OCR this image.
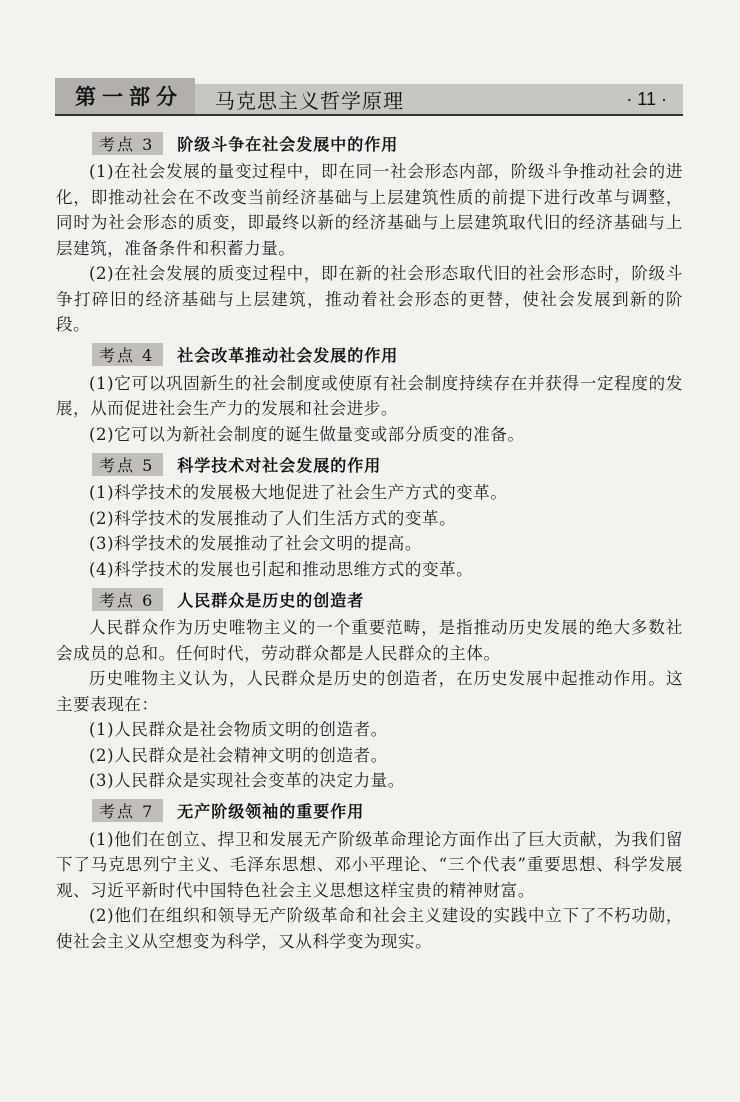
第一部分	马克思主义哲学原理	· 11 ·
考点 3	阶级斗争在社会发展中的作用

(1)在社会发展的量变过程中，即在同一社会形态内部，阶级斗争推动社会的进化，即推动社会在不改变当前经济基础与上层建筑性质的前提下进行改革与调整，同时为社会形态的质变，即最终以新的经济基础与上层建筑取代旧的经济基础与上层建筑，准备条件和积蓄力量。

(2)在社会发展的质变过程中，即在新的社会形态取代旧的社会形态时，阶级斗争打碎旧的经济基础与上层建筑，推动着社会形态的更替，使社会发展到新的阶段。

考点 4	社会改革推动社会发展的作用

(1)它可以巩固新生的社会制度或使原有社会制度持续存在并获得一定程度的发展，从而促进社会生产力的发展和社会进步。

(2)它可以为新社会制度的诞生做量变或部分质变的准备。

考点 5	科学技术对社会发展的作用

(1)科学技术的发展极大地促进了社会生产方式的变革。

(2)科学技术的发展推动了人们生活方式的变革。

(3)科学技术的发展推动了社会文明的提高。

(4)科学技术的发展也引起和推动思维方式的变革。

考点 6	人民群众是历史的创造者

人民群众作为历史唯物主义的一个重要范畴，是指推动历史发展的绝大多数社会成员的总和。任何时代，劳动群众都是人民群众的主体。

历史唯物主义认为，人民群众是历史的创造者，在历史发展中起推动作用。这主要表现在：

(1)人民群众是社会物质文明的创造者。

(2)人民群众是社会精神文明的创造者。

(3)人民群众是实现社会变革的决定力量。

考点 7	无产阶级领袖的重要作用

(1)他们在创立、捍卫和发展无产阶级革命理论方面作出了巨大贡献，为我们留下了马克思列宁主义、毛泽东思想、邓小平理论、“三个代表”重要思想、科学发展观、习近平新时代中国特色社会主义思想这样宝贵的精神财富。

(2)他们在组织和领导无产阶级革命和社会主义建设的实践中立下了不朽功勋，使社会主义从空想变为科学，又从科学变为现实。
